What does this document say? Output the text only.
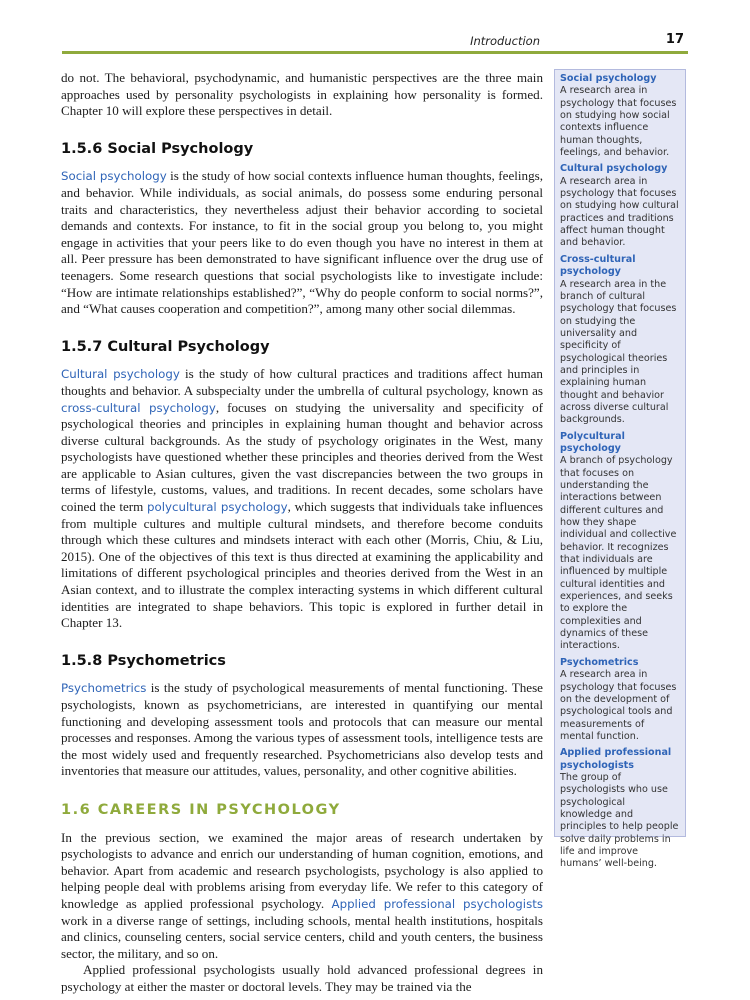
Introduction	17

do not. The behavioral, psychodynamic, and humanistic perspectives are the three main approaches used by personality psychologists in explaining how personality is formed. Chapter 10 will explore these perspectives in detail.

1.5.6 Social Psychology

Social psychology is the study of how social contexts influence human thoughts, feelings, and behavior. While individuals, as social animals, do possess some enduring personal traits and characteristics, they nevertheless adjust their behavior according to societal demands and contexts. For instance, to fit in the social group you belong to, you might engage in activities that your peers like to do even though you have no interest in them at all. Peer pressure has been demonstrated to have significant influence over the drug use of teenagers. Some research questions that social psychologists like to investigate include: “How are intimate relationships established?”, “Why do people conform to social norms?”, and “What causes cooperation and competition?”, among many other social dilemmas.

1.5.7 Cultural Psychology

Cultural psychology is the study of how cultural practices and traditions affect human thoughts and behavior. A subspecialty under the umbrella of cultural psychology, known as cross-cultural psychology, focuses on studying the universality and specificity of psychological theories and principles in explaining human thought and behavior across diverse cultural backgrounds. As the study of psychology originates in the West, many psychologists have questioned whether these principles and theories derived from the West are applicable to Asian cultures, given the vast discrepancies between the two groups in terms of lifestyle, customs, values, and traditions. In recent decades, some scholars have coined the term polycultural psychology, which suggests that individuals take influences from multiple cultures and multiple cultural mindsets, and therefore become conduits through which these cultures and mindsets interact with each other (Morris, Chiu, & Liu, 2015). One of the objectives of this text is thus directed at examining the applicability and limitations of different psychological principles and theories derived from the West in an Asian context, and to illustrate the complex interacting systems in which different cultural identities are integrated to shape behaviors. This topic is explored in further detail in Chapter 13.

1.5.8 Psychometrics

Psychometrics is the study of psychological measurements of mental functioning. These psychologists, known as psychometricians, are interested in quantifying our mental functioning and developing assessment tools and protocols that can measure our mental processes and responses. Among the various types of assessment tools, intelligence tests are the most widely used and frequently researched. Psychometricians also develop tests and inventories that measure our attitudes, values, personality, and other cognitive abilities.

1.6 CAREERS IN PSYCHOLOGY

In the previous section, we examined the major areas of research undertaken by psychologists to advance and enrich our understanding of human cognition, emotions, and behavior. Apart from academic and research psychologists, psychology is also applied to helping people deal with problems arising from everyday life. We refer to this category of knowledge as applied professional psychology. Applied professional psychologists work in a diverse range of settings, including schools, mental health institutions, hospitals and clinics, counseling centers, social service centers, child and youth centers, the business sector, the military, and so on.

Applied professional psychologists usually hold advanced professional degrees in psychology at either the master or doctoral levels. They may be trained via the

Social psychology
A research area in psychology that focuses on studying how social contexts influence human thoughts, feelings, and behavior.
Cultural psychology
A research area in psychology that focuses on studying how cultural practices and traditions affect human thought and behavior.
Cross-cultural psychology
A research area in the branch of cultural psychology that focuses on studying the universality and specificity of psychological theories and principles in explaining human thought and behavior across diverse cultural backgrounds.
Polycultural psychology
A branch of psychology that focuses on understanding the interactions between different cultures and how they shape individual and collective behavior. It recognizes that individuals are influenced by multiple cultural identities and experiences, and seeks to explore the complexities and dynamics of these interactions.
Psychometrics
A research area in psychology that focuses on the development of psychological tools and measurements of mental function.
Applied professional psychologists
The group of psychologists who use psychological knowledge and principles to help people solve daily problems in life and improve humans’ well-being.
